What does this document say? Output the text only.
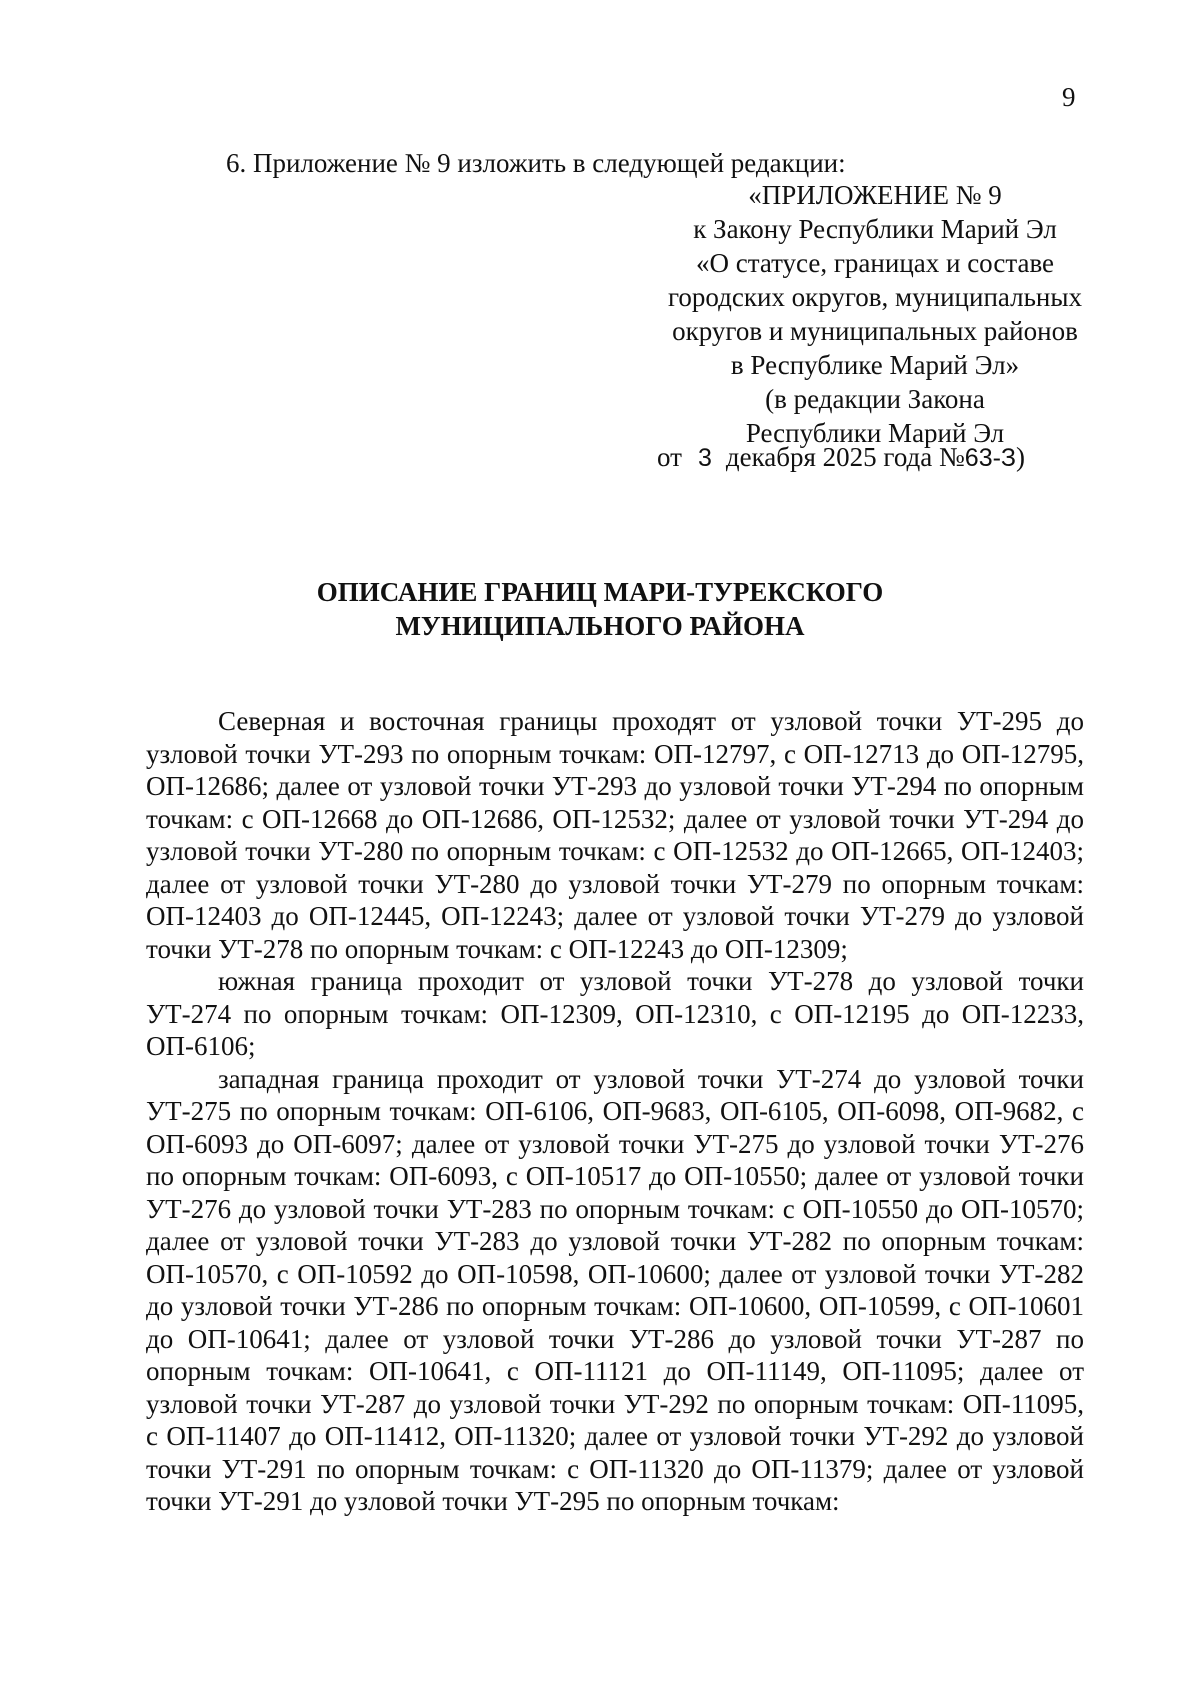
9
6. Приложение № 9 изложить в следующей редакции:
«ПРИЛОЖЕНИЕ № 9
к Закону Республики Марий Эл
«О статусе, границах и составе
городских округов, муниципальных
округов и муниципальных районов
в Республике Марий Эл»
(в редакции Закона
Республики Марий Эл
от 3 декабря 2025 года №63-З)
ОПИСАНИЕ ГРАНИЦ МАРИ-ТУРЕКСКОГО
МУНИЦИПАЛЬНОГО РАЙОНА

Северная и восточная границы проходят от узловой точки УТ-295 до узловой точки УТ-293 по опорным точкам: ОП-12797, с ОП-12713 до ОП-12795, ОП-12686; далее от узловой точки УТ-293 до узловой точки УТ-294 по опорным точкам: с ОП-12668 до ОП-12686, ОП-12532; далее от узловой точки УТ-294 до узловой точки УТ-280 по опорным точкам: с ОП-12532 до ОП-12665, ОП-12403; далее от узловой точки УТ-280 до узловой точки УТ-279 по опорным точкам: ОП-12403 до ОП-12445, ОП-12243; далее от узловой точки УТ-279 до узловой точки УТ-278 по опорным точкам: с ОП-12243 до ОП-12309;

южная граница проходит от узловой точки УТ-278 до узловой точки УТ-274 по опорным точкам: ОП-12309, ОП-12310, с ОП-12195 до ОП-12233, ОП-6106;

западная граница проходит от узловой точки УТ-274 до узловой точки УТ-275 по опорным точкам: ОП-6106, ОП-9683, ОП-6105, ОП-6098, ОП-9682, с ОП-6093 до ОП-6097; далее от узловой точки УТ-275 до узловой точки УТ-276 по опорным точкам: ОП-6093, с ОП-10517 до ОП-10550; далее от узловой точки УТ-276 до узловой точки УТ-283 по опорным точкам: с ОП-10550 до ОП-10570; далее от узловой точки УТ-283 до узловой точки УТ-282 по опорным точкам: ОП-10570, с ОП-10592 до ОП-10598, ОП-10600; далее от узловой точки УТ-282 до узловой точки УТ-286 по опорным точкам: ОП-10600, ОП-10599, с ОП-10601 до ОП-10641; далее от узловой точки УТ-286 до узловой точки УТ-287 по опорным точкам: ОП-10641, с ОП-11121 до ОП-11149, ОП-11095; далее от узловой точки УТ-287 до узловой точки УТ-292 по опорным точкам: ОП-11095, с ОП-11407 до ОП-11412, ОП-11320; далее от узловой точки УТ-292 до узловой точки УТ-291 по опорным точкам: с ОП-11320 до ОП-11379; далее от узловой точки УТ-291 до узловой точки УТ-295 по опорным точкам:
